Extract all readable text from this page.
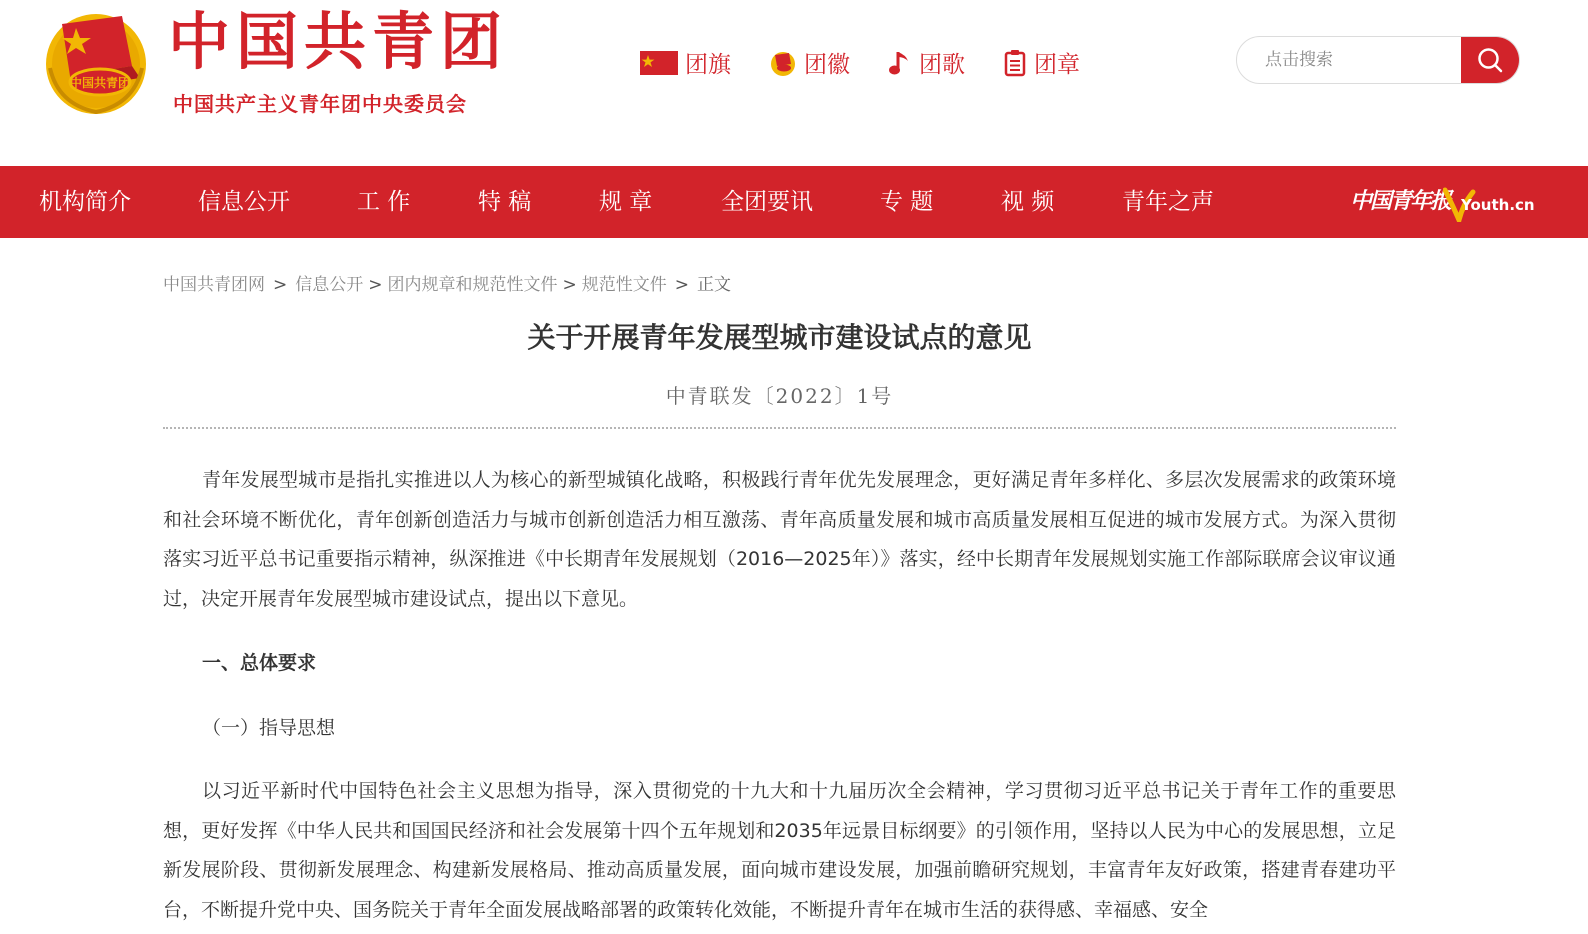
中国共青团
中国共青团
中国共产主义青年团中央委员会
团旗	团徽	团歌	团章
点击搜索
机构简介	信息公开	工 作	特 稿	规 章	全团要讯	专 题	视 频	青年之声	中国青年报 Youth.cn
中国共青团网 > 信息公开 > 团内规章和规范性文件 > 规范性文件 > 正文
关于开展青年发展型城市建设试点的意见
中青联发〔2022〕1号

青年发展型城市是指扎实推进以人为核心的新型城镇化战略，积极践行青年优先发展理念，更好满足青年多样化、多层次发展需求的政策环境和社会环境不断优化，青年创新创造活力与城市创新创造活力相互激荡、青年高质量发展和城市高质量发展相互促进的城市发展方式。为深入贯彻落实习近平总书记重要指示精神，纵深推进《中长期青年发展规划（2016—2025年）》落实，经中长期青年发展规划实施工作部际联席会议审议通过，决定开展青年发展型城市建设试点，提出以下意见。

一、总体要求
（一）指导思想

以习近平新时代中国特色社会主义思想为指导，深入贯彻党的十九大和十九届历次全会精神，学习贯彻习近平总书记关于青年工作的重要思想，更好发挥《中华人民共和国国民经济和社会发展第十四个五年规划和2035年远景目标纲要》的引领作用，坚持以人民为中心的发展思想，立足新发展阶段、贯彻新发展理念、构建新发展格局、推动高质量发展，面向城市建设发展，加强前瞻研究规划，丰富青年友好政策，搭建青春建功平台，不断提升党中央、国务院关于青年全面发展战略部署的政策转化效能，不断提升青年在城市生活的获得感、幸福感、安全
